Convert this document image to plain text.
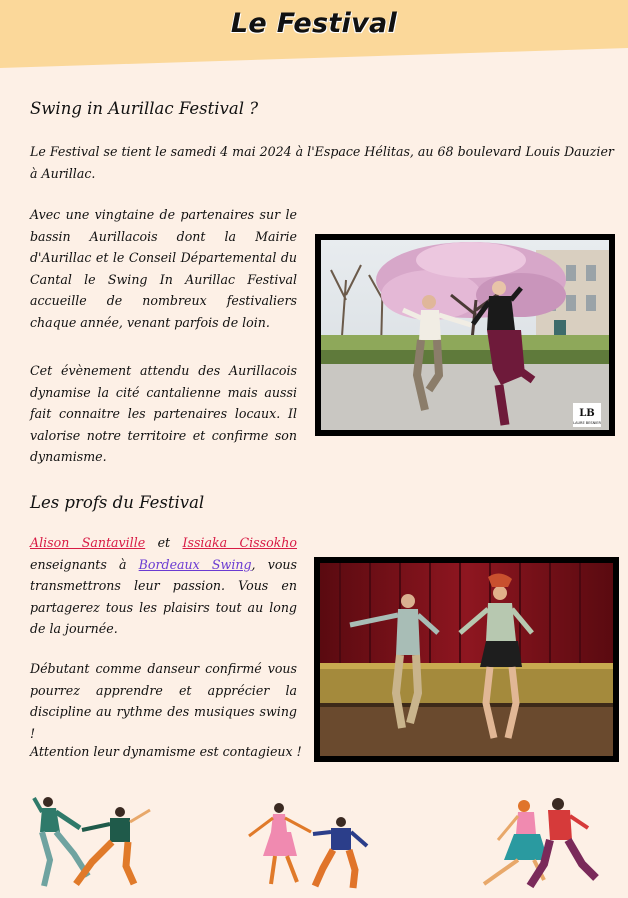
Le Festival
Swing in Aurillac Festival ?
Le Festival se tient le samedi 4 mai 2024 à l'Espace Hélitas, au 68 boulevard Louis Dauzier à Aurillac.
Avec une vingtaine de partenaires sur le bassin Aurillacois dont la Mairie d'Aurillac et le Conseil Départemental du Cantal le Swing In Aurillac Festival accueille de nombreux festivaliers chaque année, venant parfois de loin.
Cet évènement attendu des Aurillacois dynamise la cité cantalienne mais aussi fait connaitre les partenaires locaux. Il valorise notre territoire et confirme son dynamisme.
LB
LAURE BESNIER
Les profs du Festival
Alison Santaville et Issiaka Cissokho enseignants à Bordeaux Swing, vous transmettrons leur passion. Vous en partagerez tous les plaisirs tout au long de la journée.
Débutant comme danseur confirmé vous pourrez apprendre et apprécier la discipline au rythme des musiques swing !
Attention leur dynamisme est contagieux !
